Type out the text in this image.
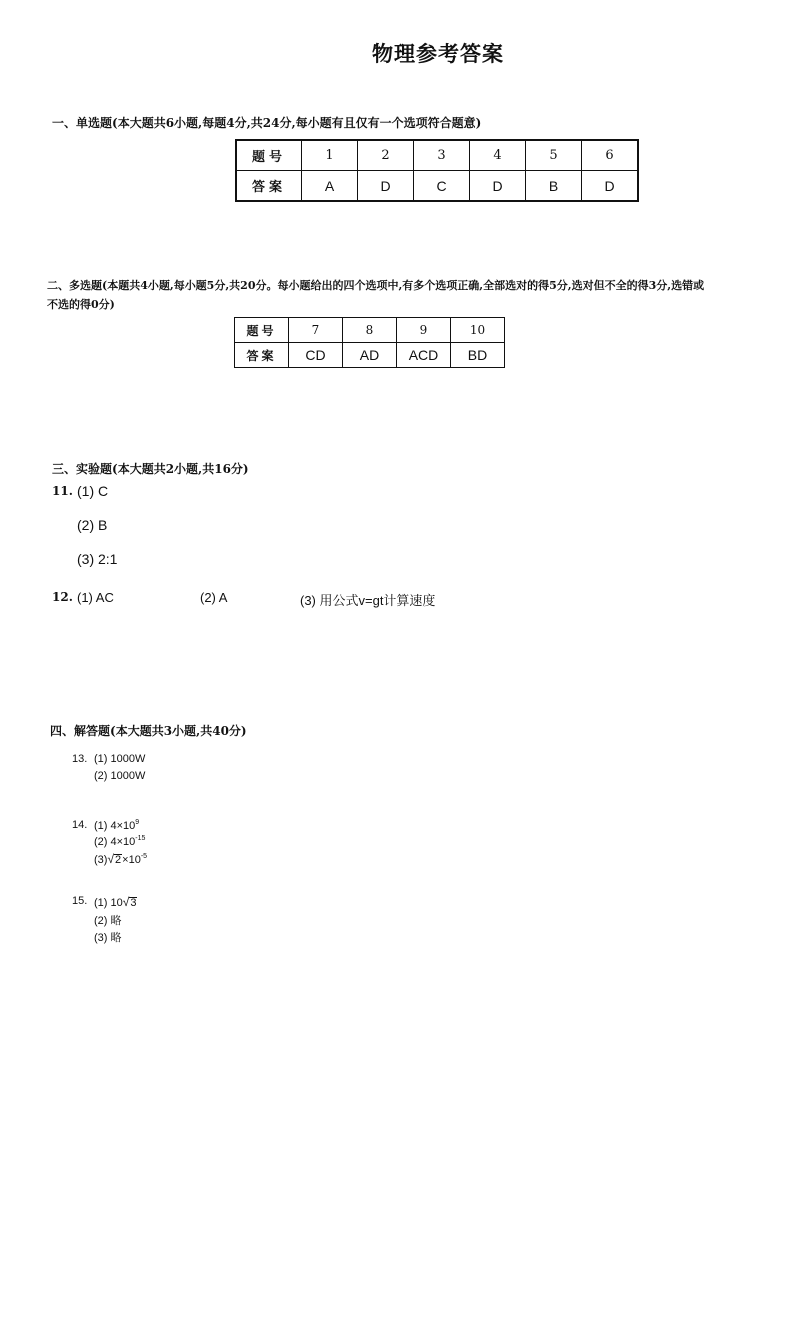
物理参考答案
一、单选题(本大题共6小题,每题4分,共24分,每小题有且仅有一个选项符合题意)
题号	1	2	3	4	5	6
答案	A	D	C	D	B	D
二、多选题(本题共4小题,每小题5分,共20分。每小题给出的四个选项中,有多个选项正确,全部选对的得5分,选对但不全的得3分,选错或不选的得0分)
题号	7	8	9	10
答案	CD	AD	ACD	BD
三、实验题(本大题共2小题,共16分)
11. (1) C
(2) B
(3) 2:1
12. (1) AC	(2) A	(3) 用公式v=gt计算速度
四、解答题(本大题共3小题,共40分)
13. (1) 1000W
(2) 1000W
14. (1) $4\times 10^9$
(2) $4\times 10^{-15}$
$(3)√2\times 10^{-5}$
15. (1) 10√3
(2) 略
(3) 略
